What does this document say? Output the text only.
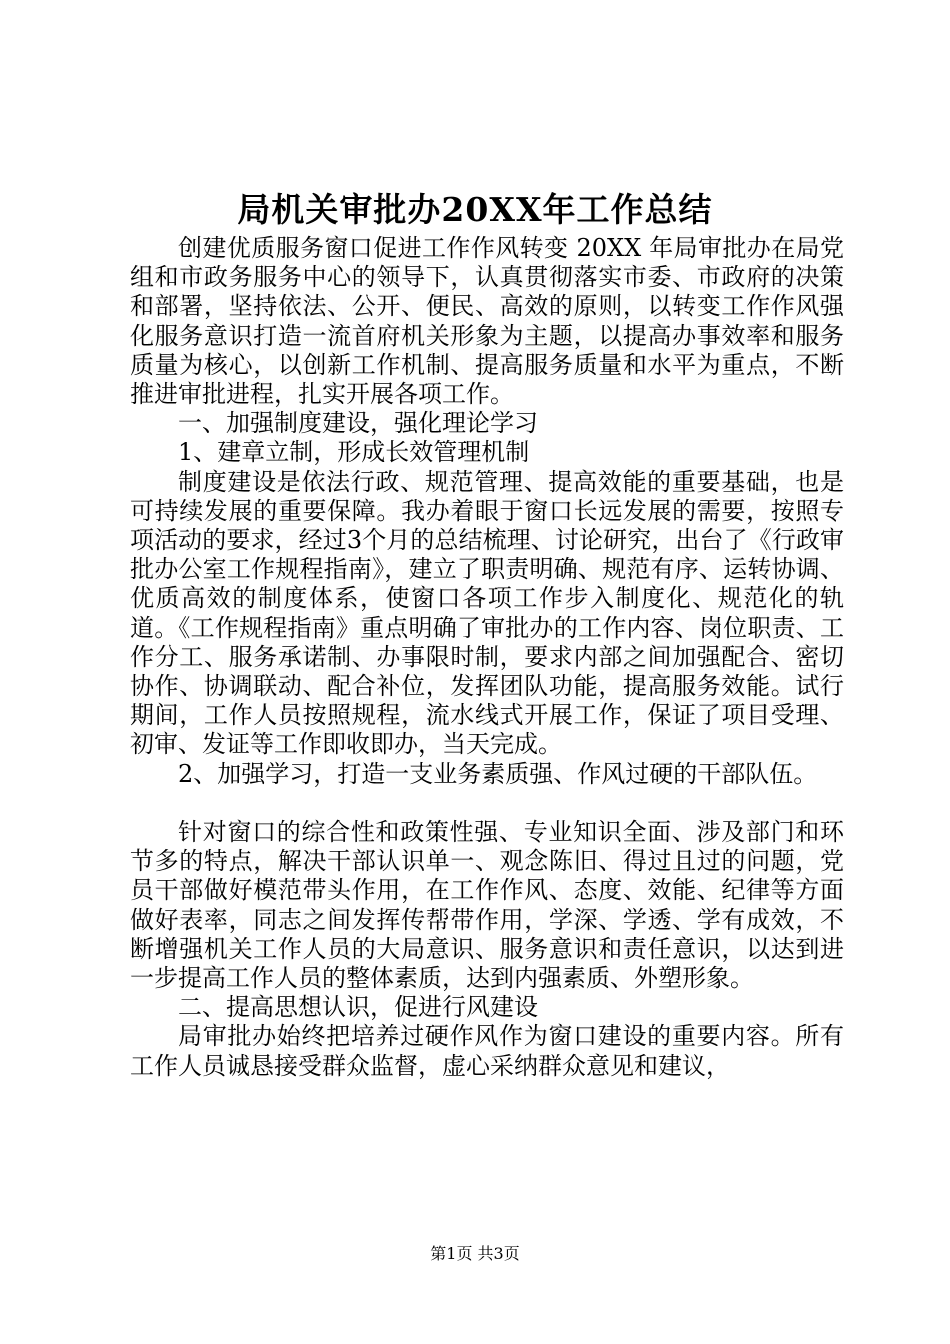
局机关审批办20XX年工作总结

创建优质服务窗口促进工作作风转变 20XX 年局审批办在局党组和市政务服务中心的领导下，认真贯彻落实市委、市政府的决策和部署，坚持依法、公开、便民、高效的原则，以转变工作作风强化服务意识打造一流首府机关形象为主题，以提高办事效率和服务质量为核心，以创新工作机制、提高服务质量和水平为重点，不断推进审批进程，扎实开展各项工作。

一、加强制度建设，强化理论学习

1、建章立制，形成长效管理机制

制度建设是依法行政、规范管理、提高效能的重要基础，也是可持续发展的重要保障。我办着眼于窗口长远发展的需要，按照专项活动的要求，经过3个月的总结梳理、讨论研究，出台了《行政审批办公室工作规程指南》，建立了职责明确、规范有序、运转协调、优质高效的制度体系，使窗口各项工作步入制度化、规范化的轨道。《工作规程指南》重点明确了审批办的工作内容、岗位职责、工作分工、服务承诺制、办事限时制，要求内部之间加强配合、密切协作、协调联动、配合补位，发挥团队功能，提高服务效能。试行期间，工作人员按照规程，流水线式开展工作，保证了项目受理、初审、发证等工作即收即办，当天完成。

2、加强学习，打造一支业务素质强、作风过硬的干部队伍。

针对窗口的综合性和政策性强、专业知识全面、涉及部门和环节多的特点，解决干部认识单一、观念陈旧、得过且过的问题，党员干部做好模范带头作用，在工作作风、态度、效能、纪律等方面做好表率，同志之间发挥传帮带作用，学深、学透、学有成效，不断增强机关工作人员的大局意识、服务意识和责任意识，以达到进一步提高工作人员的整体素质，达到内强素质、外塑形象。

二、提高思想认识，促进行风建设

局审批办始终把培养过硬作风作为窗口建设的重要内容。所有工作人员诚恳接受群众监督，虚心采纳群众意见和建议，

第1页 共3页
